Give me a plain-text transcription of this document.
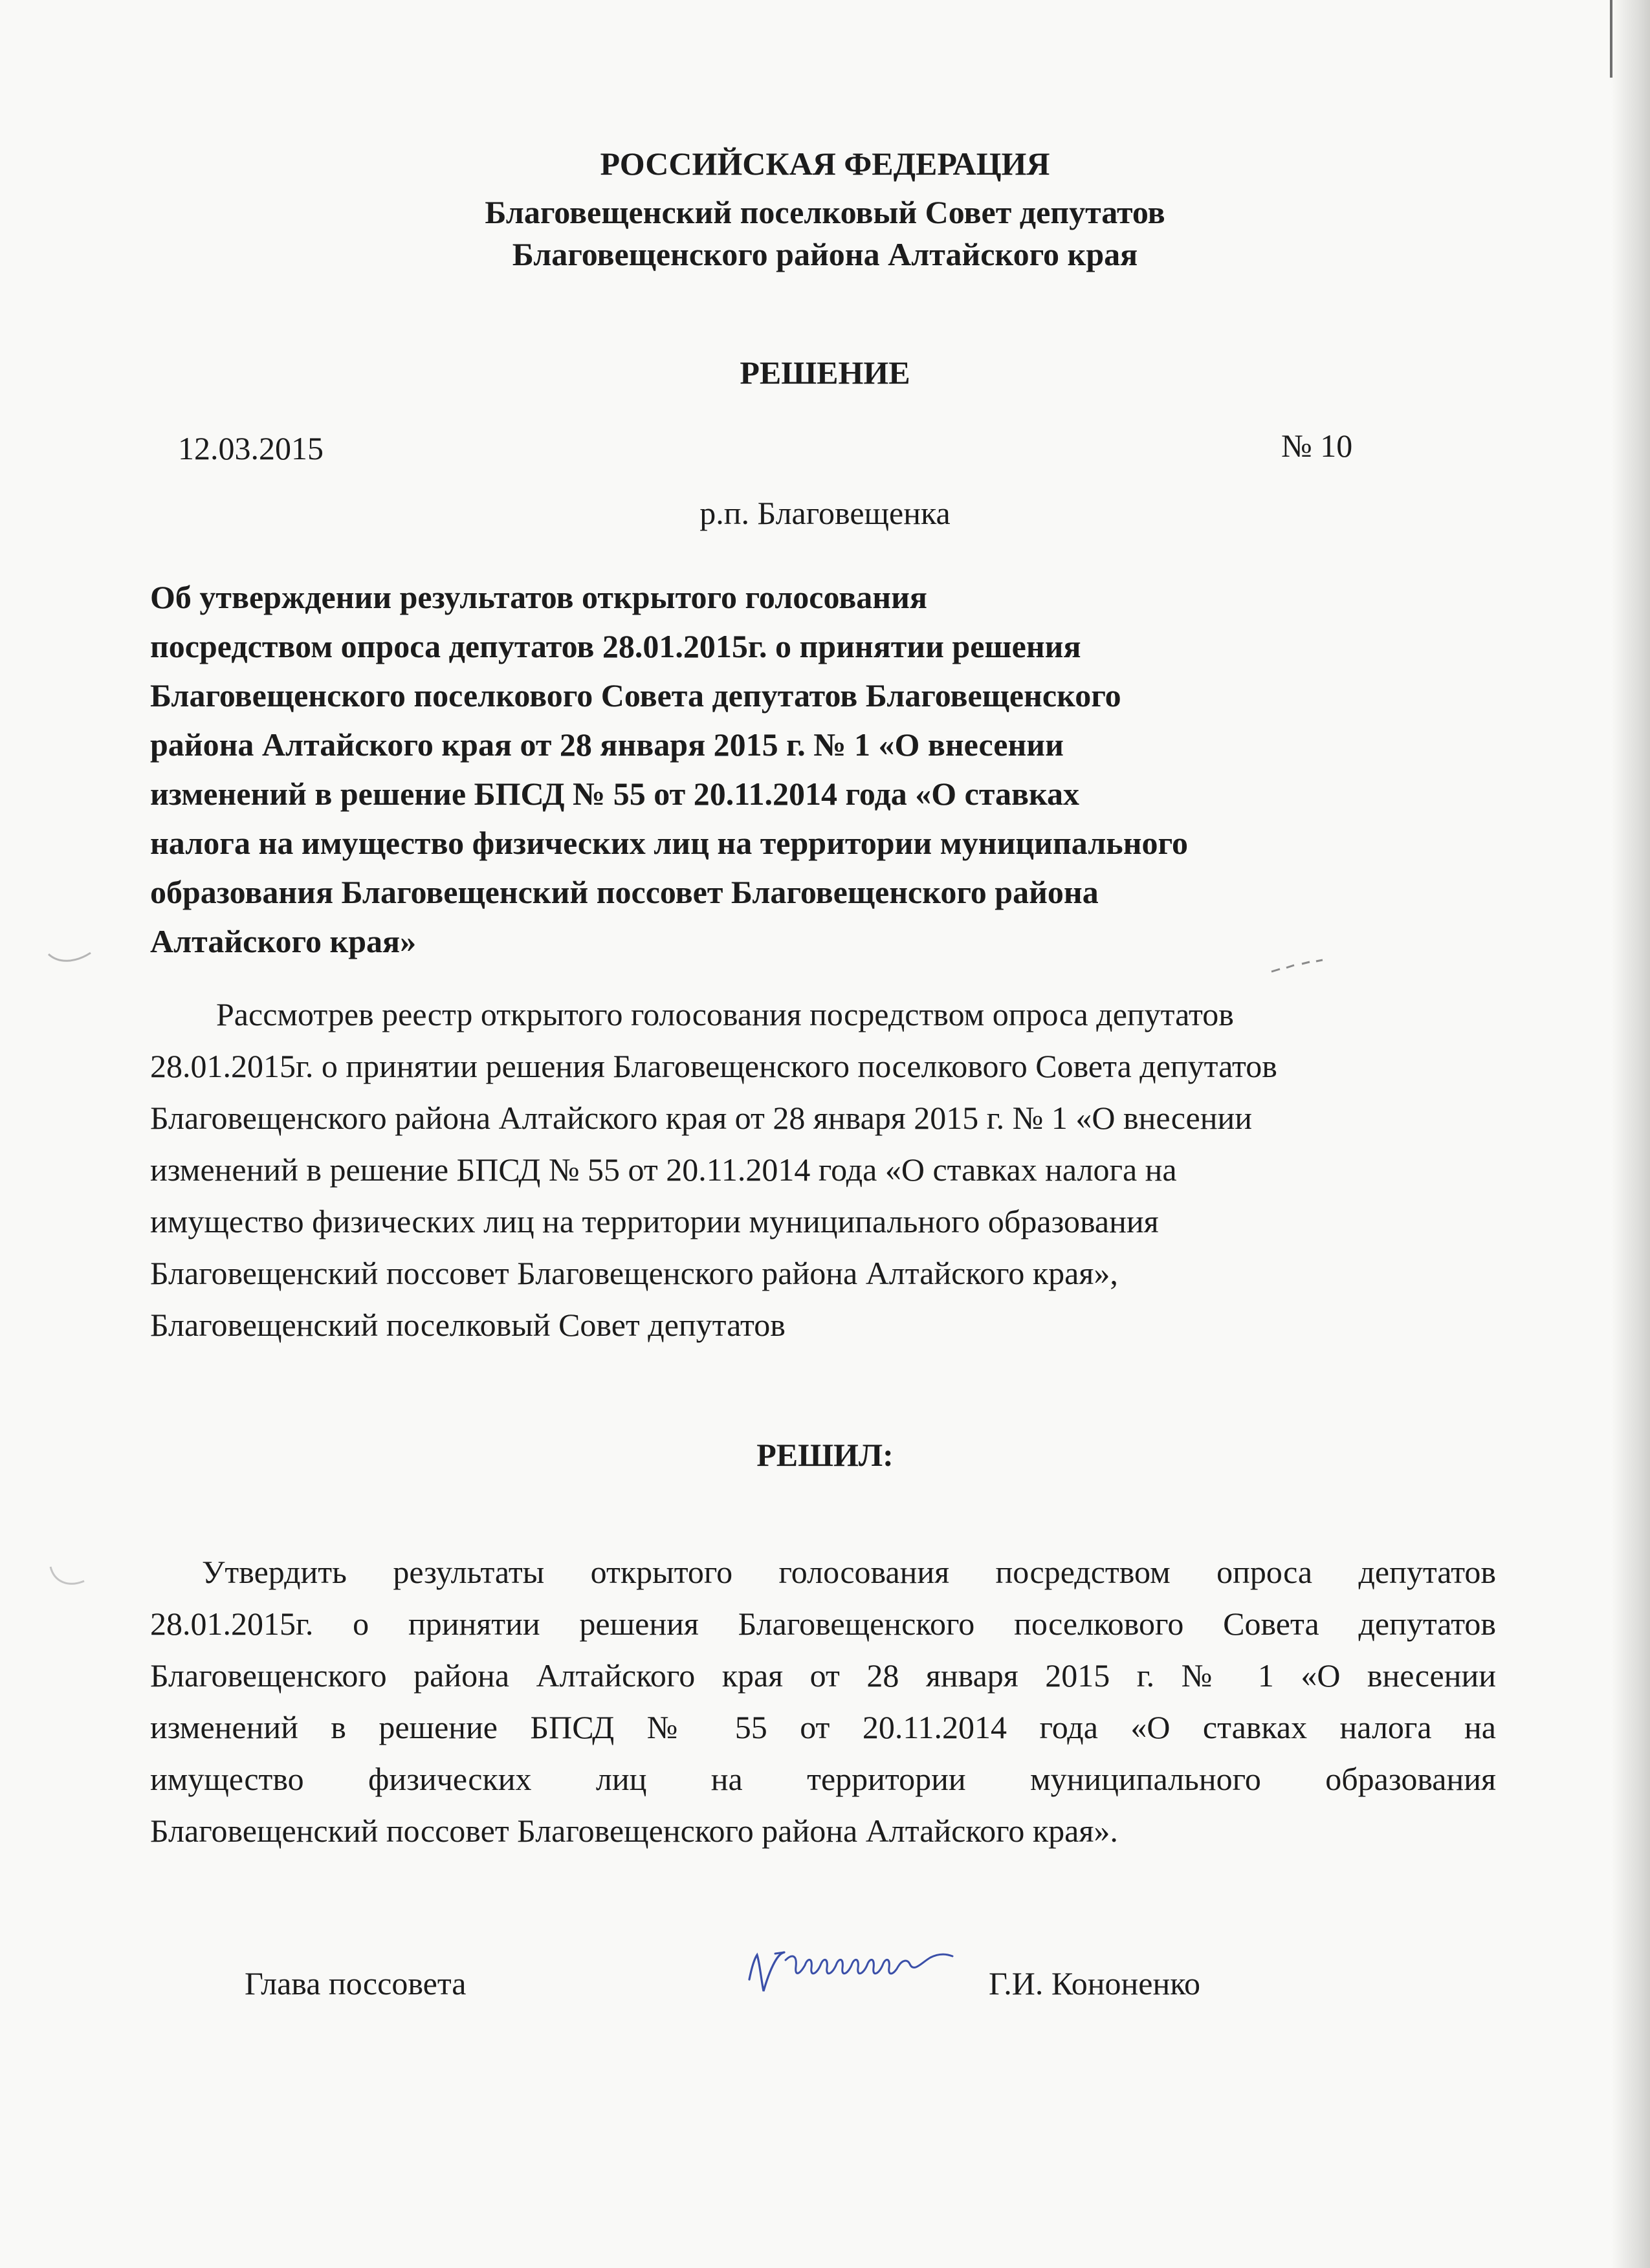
РОССИЙСКАЯ ФЕДЕРАЦИЯ
Благовещенский поселковый Совет депутатов
Благовещенского района Алтайского края
РЕШЕНИЕ
12.03.2015	№ 10
р.п. Благовещенка
Об утверждении результатов открытого голосования
посредством опроса депутатов 28.01.2015г. о принятии решения
Благовещенского поселкового Совета депутатов Благовещенского
района Алтайского края от 28 января 2015 г. № 1 «О внесении
изменений в решение БПСД № 55 от 20.11.2014 года «О ставках
налога на имущество физических лиц на территории муниципального
образования Благовещенский поссовет Благовещенского района
Алтайского края»
Рассмотрев реестр открытого голосования посредством опроса депутатов
28.01.2015г. о принятии решения Благовещенского поселкового Совета депутатов
Благовещенского района Алтайского края от 28 января 2015 г. № 1 «О внесении
изменений в решение БПСД № 55 от 20.11.2014 года «О ставках налога на
имущество физических лиц на территории муниципального образования
Благовещенский поссовет Благовещенского района Алтайского края»,
Благовещенский поселковый Совет депутатов
РЕШИЛ:
Утвердить результаты открытого голосования посредством опроса депутатов
28.01.2015г. о принятии решения Благовещенского поселкового Совета депутатов
Благовещенского района Алтайского края от 28 января 2015 г. № 1 «О внесении
изменений в решение БПСД № 55 от 20.11.2014 года «О ставках налога на
имущество физических лиц на территории муниципального образования
Благовещенский поссовет Благовещенского района Алтайского края».
Глава поссовета	Г.И. Кононенко
